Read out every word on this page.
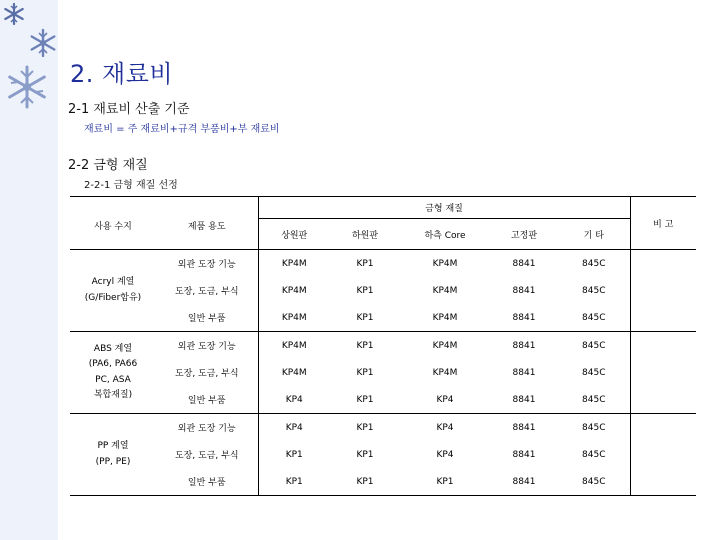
2. 재료비
2-1 재료비 산출 기준
재료비 = 주 재료비+규격 부품비+부 재료비
2-2 금형 재질
2-2-1 금형 재질 선정
사용 수지	제품 용도	금형 재질					비 고
		상원판	하원판	하측 Core	고정판	기 타	
Acryl 계열
(G/Fiber함유)	외관 도장 기능	KP4M	KP1	KP4M	8841	845C	
	도장, 도금, 부식	KP4M	KP1	KP4M	8841	845C	
	일반 부품	KP4M	KP1	KP4M	8841	845C	
ABS 계열
(PA6, PA66
PC, ASA
복합재질)	외관 도장 기능	KP4M	KP1	KP4M	8841	845C	
	도장, 도금, 부식	KP4M	KP1	KP4M	8841	845C	
	일반 부품	KP4	KP1	KP4	8841	845C	
PP 계열
(PP, PE)	외관 도장 기능	KP4	KP1	KP4	8841	845C	
	도장, 도금, 부식	KP1	KP1	KP4	8841	845C	
	일반 부품	KP1	KP1	KP1	8841	845C	
